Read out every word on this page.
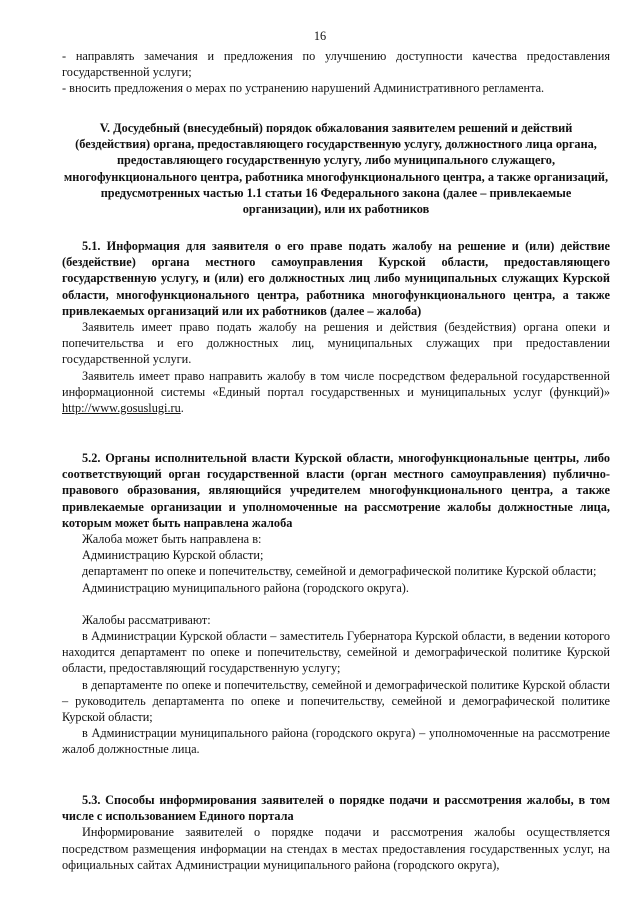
16

- направлять замечания и предложения по улучшению доступности качества предоставления государственной услуги;

- вносить предложения о мерах по устранению нарушений Административного регламента.

V. Досудебный (внесудебный) порядок обжалования заявителем решений и действий (бездействия) органа, предоставляющего государственную услугу, должностного лица органа, предоставляющего государственную услугу, либо муниципального служащего, многофункционального центра, работника многофункционального центра, а также организаций, предусмотренных частью 1.1 статьи 16 Федерального закона (далее – привлекаемые организации), или их работников

5.1. Информация для заявителя о его праве подать жалобу на решение и (или) действие (бездействие) органа местного самоуправления Курской области, предоставляющего государственную услугу, и (или) его должностных лиц либо муниципальных служащих Курской области, многофункционального центра, работника многофункционального центра, а также привлекаемых организаций или их работников (далее – жалоба)

Заявитель имеет право подать жалобу на решения и действия (бездействия) органа опеки и попечительства и его должностных лиц, муниципальных служащих при предоставлении государственной услуги.

Заявитель имеет право направить жалобу в том числе посредством федеральной государственной информационной системы «Единый портал государственных и муниципальных услуг (функций)» http://www.gosuslugi.ru.

5.2. Органы исполнительной власти Курской области, многофункциональные центры, либо соответствующий орган государственной власти (орган местного самоуправления) публично-правового образования, являющийся учредителем многофункционального центра, а также привлекаемые организации и уполномоченные на рассмотрение жалобы должностные лица, которым может быть направлена жалоба

Жалоба может быть направлена в:

Администрацию Курской области;

департамент по опеке и попечительству, семейной и демографической политике Курской области;

Администрацию муниципального района (городского округа).

Жалобы рассматривают:

в Администрации Курской области – заместитель Губернатора Курской области, в ведении которого находится департамент по опеке и попечительству, семейной и демографической политике Курской области, предоставляющий государственную услугу;

в департаменте по опеке и попечительству, семейной и демографической политике Курской области – руководитель департамента по опеке и попечительству, семейной и демографической политике Курской области;

в Администрации муниципального района (городского округа) – уполномоченные на рассмотрение жалоб должностные лица.

5.3. Способы информирования заявителей о порядке подачи и рассмотрения жалобы, в том числе с использованием Единого портала

Информирование заявителей о порядке подачи и рассмотрения жалобы осуществляется посредством размещения информации на стендах в местах предоставления государственных услуг, на официальных сайтах Администрации муниципального района (городского округа),
